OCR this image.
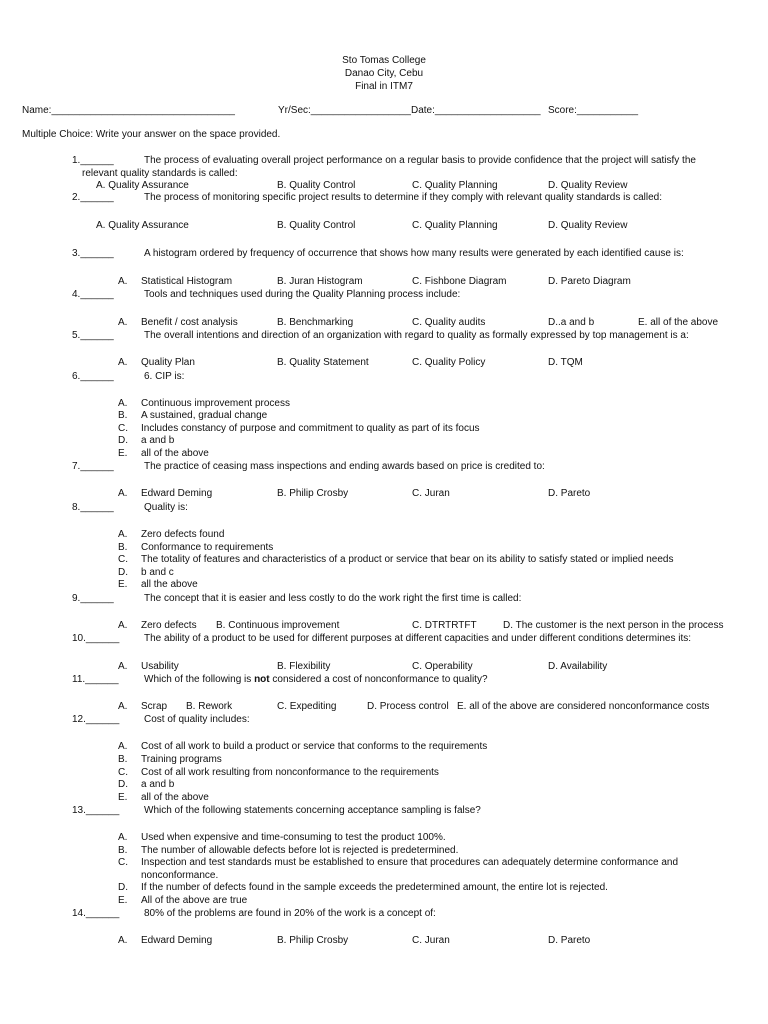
Sto Tomas College
Danao City, Cebu
Final in ITM7
Name:_________________________________	Yr/Sec:__________________ Date:___________________ Score:___________
Multiple Choice: Write your answer on the space provided.
1.______	The process of evaluating overall project performance on a regular basis to provide confidence that the project will satisfy the
relevant quality standards is called:
A. Quality Assurance	B. Quality Control	C. Quality Planning	D. Quality Review
2.______	The process of monitoring specific project results to determine if they comply with relevant quality standards is called:
A. Quality Assurance	B. Quality Control	C. Quality Planning	D. Quality Review
3.______	A histogram ordered by frequency of occurrence that shows how many results were generated by each identified cause is:
A. Statistical Histogram	B. Juran Histogram	C. Fishbone Diagram	D. Pareto Diagram
4.______	Tools and techniques used during the Quality Planning process include:
A. Benefit / cost analysis	B. Benchmarking	C. Quality audits	D..a and b	E. all of the above
5.______	The overall intentions and direction of an organization with regard to quality as formally expressed by top management is a:
A. Quality Plan	B. Quality Statement	C. Quality Policy	D. TQM
6.______	6. CIP is:
A. Continuous improvement process
B. A sustained, gradual change
C. Includes constancy of purpose and commitment to quality as part of its focus
D. a and b
E. all of the above
7.______	The practice of ceasing mass inspections and ending awards based on price is credited to:
A. Edward Deming	B. Philip Crosby	C. Juran	D. Pareto
8.______	Quality is:
A. Zero defects found
B. Conformance to requirements
C. The totality of features and characteristics of a product or service that bear on its ability to satisfy stated or implied needs
D. b and c
E. all the above
9.______	The concept that it is easier and less costly to do the work right the first time is called:
A. Zero defects B. Continuous improvement	C. DTRTRTFT	D. The customer is the next person in the process
10.______ The ability of a product to be used for different purposes at different capacities and under different conditions determines its:
A. Usability	B. Flexibility	C. Operability	D. Availability
11.______	Which of the following is not considered a cost of nonconformance to quality?
A. Scrap B. Rework	C. Expediting	D. Process control E. all of the above are considered nonconformance costs
12.______ Cost of quality includes:
A. Cost of all work to build a product or service that conforms to the requirements
B. Training programs
C. Cost of all work resulting from nonconformance to the requirements
D. a and b
E. all of the above
13.______ Which of the following statements concerning acceptance sampling is false?
A. Used when expensive and time-consuming to test the product 100%.
B. The number of allowable defects before lot is rejected is predetermined.
C. Inspection and test standards must be established to ensure that procedures can adequately determine conformance and
nonconformance.
D. If the number of defects found in the sample exceeds the predetermined amount, the entire lot is rejected.
E. All of the above are true
14.______ 80% of the problems are found in 20% of the work is a concept of:
A. Edward Deming	B. Philip Crosby	C. Juran	D. Pareto
